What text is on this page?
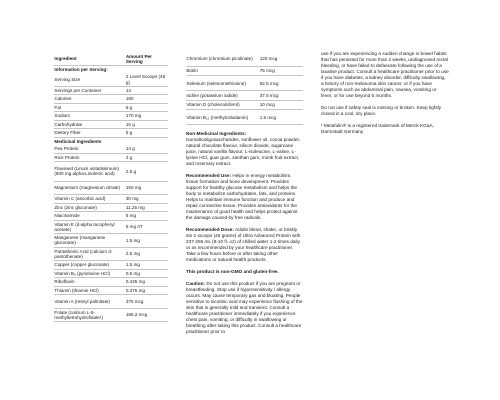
Ingredient	Amount Per Serving
Information per Serving:	
Serving Size	2 Level Scoops (46 g)
Servings per Container	14
Calories	180
Fat	6 g
Sodium	170 mg
Carbohydrate	15 g
Dietary Fiber	5 g
Medicinal Ingredients	
Pea Protein	14 g
Rice Protein	3 g
Flaxseed (Linum usitatissimum) (500 mg alpha-Linolenic acid)	2.5 g
Magnesium (magnesium citrate)	150 mg
Vitamin C (ascorbic acid)	30 mg
Zinc (zinc gluconate)	11.25 mg
Niacinamide	5 mg
Vitamin E (d-alpha tocopheryl acetate)	5 mg AT
Manganese (manganese gluconate)	1.5 mg
Pantothenic Acid (calcium d-pantothenate)	2.5 mg
Copper (copper gluconate)	1.5 mg
Vitamin B₆ (pyridoxine HCl)	0.5 mg
Riboflavin	0.425 mg
Thiamin (thiamin HCl)	0.375 mg
Vitamin A (retinyl palmitate)	375 mcg
Folate (calcium L-5-methyltetrahydrofolate¹)	185.2 mcg
Chromium (chromium picolinate)	120 mcg
Biotin	75 mcg
Selenium (selenomethionine)	52.5 mcg
Iodine (potassium iodide)	37.5 mcg
Vitamin D (cholecalciferol)	10 mcg
Vitamin B₁₂ (methylcobalamin)	1.5 mcg

Non-Medicinal Ingredients:
Isomaltooligosaccharides, sunflower oil, cocoa powder, natural chocolate flavour, silicon dioxide, sugarcane juice, natural vanilla flavour, L-isoleucine, L-valine, L-lysine HCl, guar gum, xanthan gum, monk fruit extract, and rosemary extract.

Recommended Use: Helps in energy metabolism, tissue formation and bone development. Provides support for healthy glucose metabolism and helps the body to metabolize carbohydrates, fats, and proteins. Helps to maintain immune function and produce and repair connective tissue. Provides antioxidants for the maintenance of good health and helps protect against the damage caused by free radicals.

Recommended Dose: Adults blend, shake, or briskly stir 2 scoops (46 grams) of Ultra Advanced Protein with 237-296 mL (8-10 fl. oz) of chilled water 1-2 times daily or as recommended by your healthcare practitioner. Take a few hours before or after taking other medications or natural health products.

This product is non-GMO and gluten-free.

Caution: Do not use this product if you are pregnant or breastfeeding. Stop use if hypersensitivity / allergy occurs. May cause temporary gas and bloating. People sensitive to nicotinic acid may experience flushing of the skin that is generally mild and transient. Consult a healthcare practitioner immediately if you experience chest pain, vomiting, or difficulty in swallowing or breathing after taking this product. Consult a healthcare practitioner prior to

use if you are experiencing a sudden change in bowel habits that has persisted for more than 2 weeks, undiagnosed rectal bleeding, or have failed to defaecate following the use of a laxative product. Consult a healthcare practitioner prior to use if you have diabetes, a kidney disorder, difficulty swallowing, a history of non-melanoma skin cancer, or if you have symptoms such as abdominal pain, nausea, vomiting or fever, or for use beyond 6 months.

Do not use if safety seal is missing or broken. Keep tightly closed in a cool, dry place.

¹ Metafolin® is a registered trademark of Merck KGaA, Darmstadt Germany
